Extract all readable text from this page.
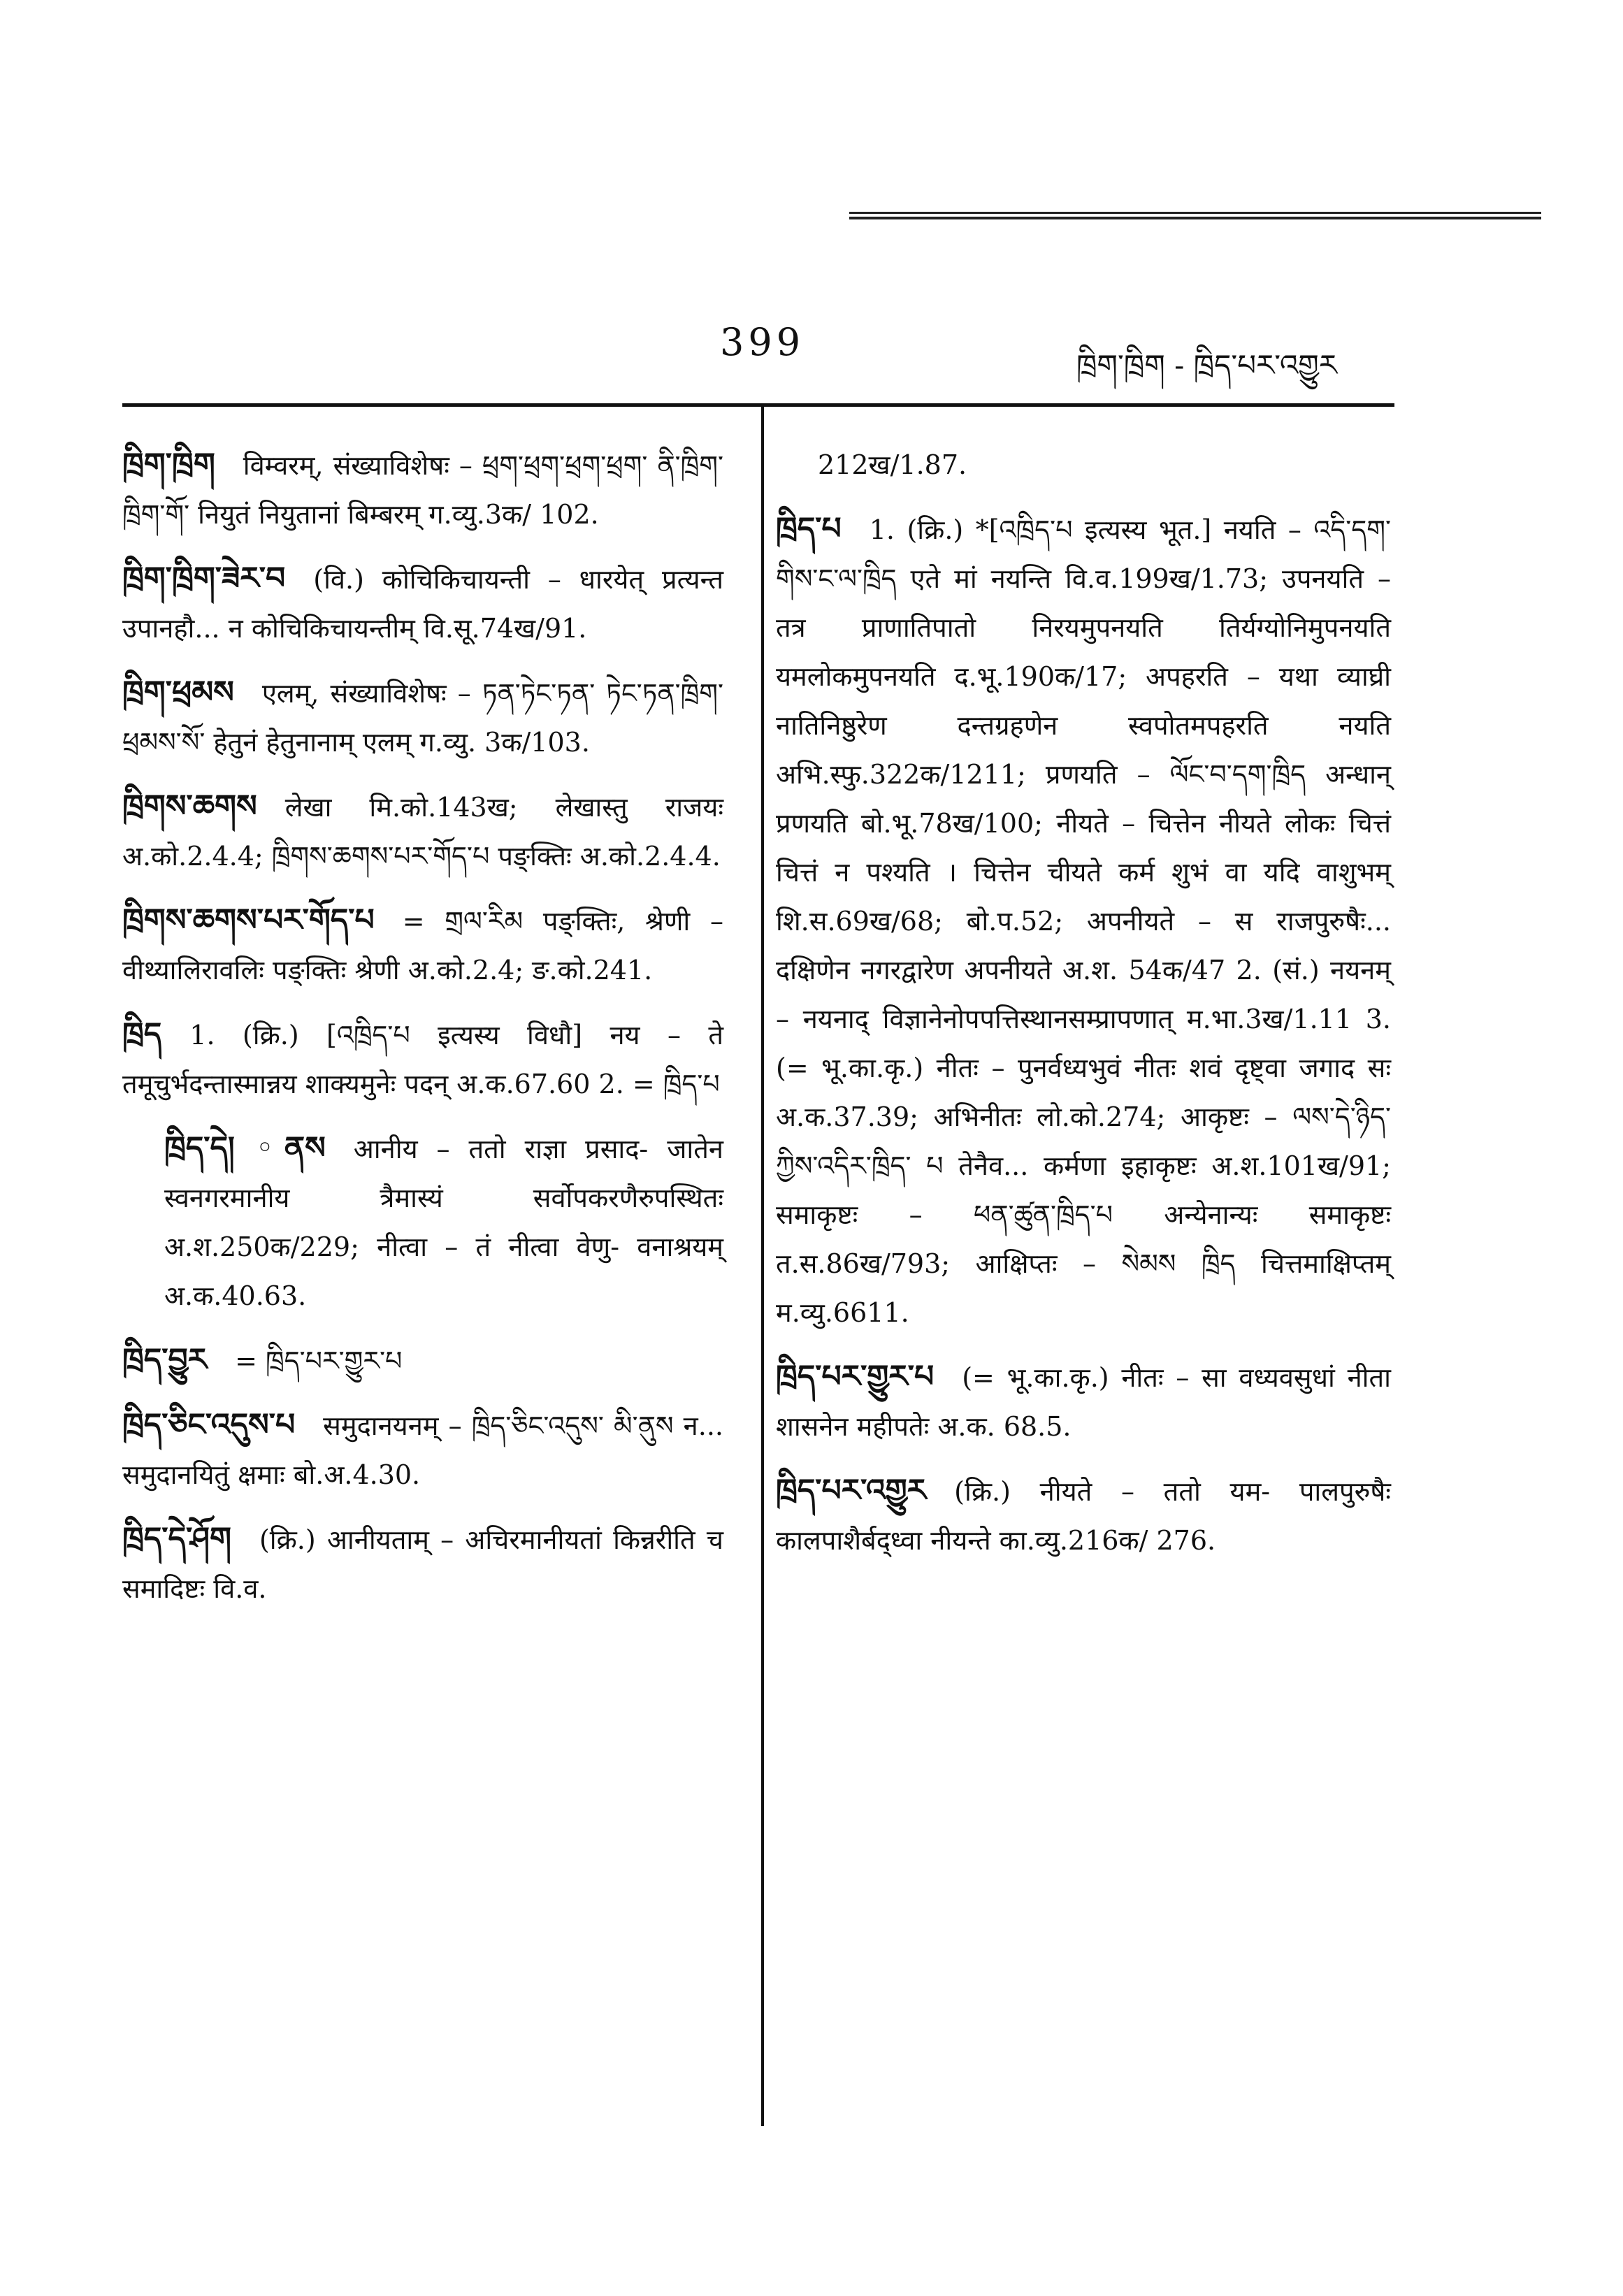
399
ཁྲིག་ཁྲིག - ཁྲིད་པར་འགྱུར
ཁྲིག་ཁྲིག विम्वरम्, संख्याविशेषः – ཕྲག་ཕྲག་ཕྲག་ཕྲག་ ནི་ཁྲིག་ཁྲིག་གོ་ नियुतं नियुतानां बिम्बरम् ग.व्यु.3क/ 102.
ཁྲིག་ཁྲིག་ཟེར་བ (वि.) कोचिकिचायन्ती – धारयेत् प्रत्यन्त उपानहौ... न कोचिकिचायन्तीम् वि.सू.74ख/91.
ཁྲིག་ཕྲམས एलम्, संख्याविशेषः – ཏན་ཏེང་ཏན་ ཏེང་ཏན་ཁྲིག་ཕྲམས་སོ་ हेतुनं हेतुनानाम् एलम् ग.व्यु. 3क/103.
ཁྲིགས་ཆགས लेखा मि.को.143ख; लेखास्तु राजयः अ.को.2.4.4; ཁྲིགས་ཆགས་པར་གོད་པ पङ्क्तिः अ.को.2.4.4.
ཁྲིགས་ཆགས་པར་གོད་པ = གྲལ་རིམ पङ्क्तिः, श्रेणी – वीथ्यालिरावलिः पङ्क्तिः श्रेणी अ.को.2.4; ङ.को.241.
ཁྲིད 1. (क्रि.) [འཁྲིད་པ इत्यस्य विधौ] नय – ते तमूचुर्भदन्तास्मान्नय शाक्यमुनेः पदन् अ.क.67.60 2. = ཁྲིད་པ
ཁྲིད་དེ། ◦ནས आनीय – ततो राज्ञा प्रसाद- जातेन स्वनगरमानीय त्रैमास्यं सर्वोपकरणैरुपस्थितः अ.श.250क/229; नीत्वा – तं नीत्वा वेणु- वनाश्रयम् अ.क.40.63.
ཁྲིད་བྱུར = ཁྲིད་པར་གྱུར་པ
ཁྲིད་ཅིང་འདུས་པ समुदानयनम् – ཁྲིད་ཅིང་འདུས་ མི་ནུས न... समुदानयितुं क्षमाः बो.अ.4.30.
ཁྲིད་དེ་ཤོག (क्रि.) आनीयताम् – अचिरमानीयतां किन्नरीति च समादिष्टः वि.व.
212ख/1.87.
ཁྲིད་པ 1. (क्रि.) *[འཁྲིད་པ इत्यस्य भूत.] नयति – འདི་དག་གིས་ང་ལ་ཁྲིད एते मां नयन्ति वि.व.199ख/1.73; उपनयति – तत्र प्राणातिपातो निरयमुपनयति तिर्यग्योनिमुपनयति यमलोकमुपनयति द.भू.190क/17; अपहरति – यथा व्याघ्री नातिनिष्ठुरेण दन्तग्रहणेन स्वपोतमपहरति नयति अभि.स्फु.322क/1211; प्रणयति – ལོང་བ་དག་ཁྲིད अन्धान् प्रणयति बो.भू.78ख/100; नीयते – चित्तेन नीयते लोकः चित्तं चित्तं न पश्यति । चित्तेन चीयते कर्म शुभं वा यदि वाशुभम् शि.स.69ख/68; बो.प.52; अपनीयते – स राजपुरुषैः... दक्षिणेन नगरद्वारेण अपनीयते अ.श. 54क/47 2. (सं.) नयनम् – नयनाद् विज्ञानेनोपपत्तिस्थानसम्प्रापणात् म.भा.3ख/1.11 3. (= भू.का.कृ.) नीतः – पुनर्वध्यभुवं नीतः शवं दृष्ट्वा जगाद सः अ.क.37.39; अभिनीतः लो.को.274; आकृष्टः – ལས་དེ་ཉིད་ཀྱིས་འདིར་ཁྲིད་ པ तेनैव... कर्मणा इहाकृष्टः अ.श.101ख/91; समाकृष्टः – ཕན་ཚུན་ཁྲིད་པ अन्येनान्यः समाकृष्टः त.स.86ख/793; आक्षिप्तः – སེམས ཁྲིད चित्तमाक्षिप्तम् म.व्यु.6611.
ཁྲིད་པར་གྱུར་པ (= भू.का.कृ.) नीतः – सा वध्यवसुधां नीता शासनेन महीपतेः अ.क. 68.5.
ཁྲིད་པར་འགྱུར (क्रि.) नीयते – ततो यम- पालपुरुषैः कालपाशैर्बद्ध्वा नीयन्ते का.व्यु.216क/ 276.
